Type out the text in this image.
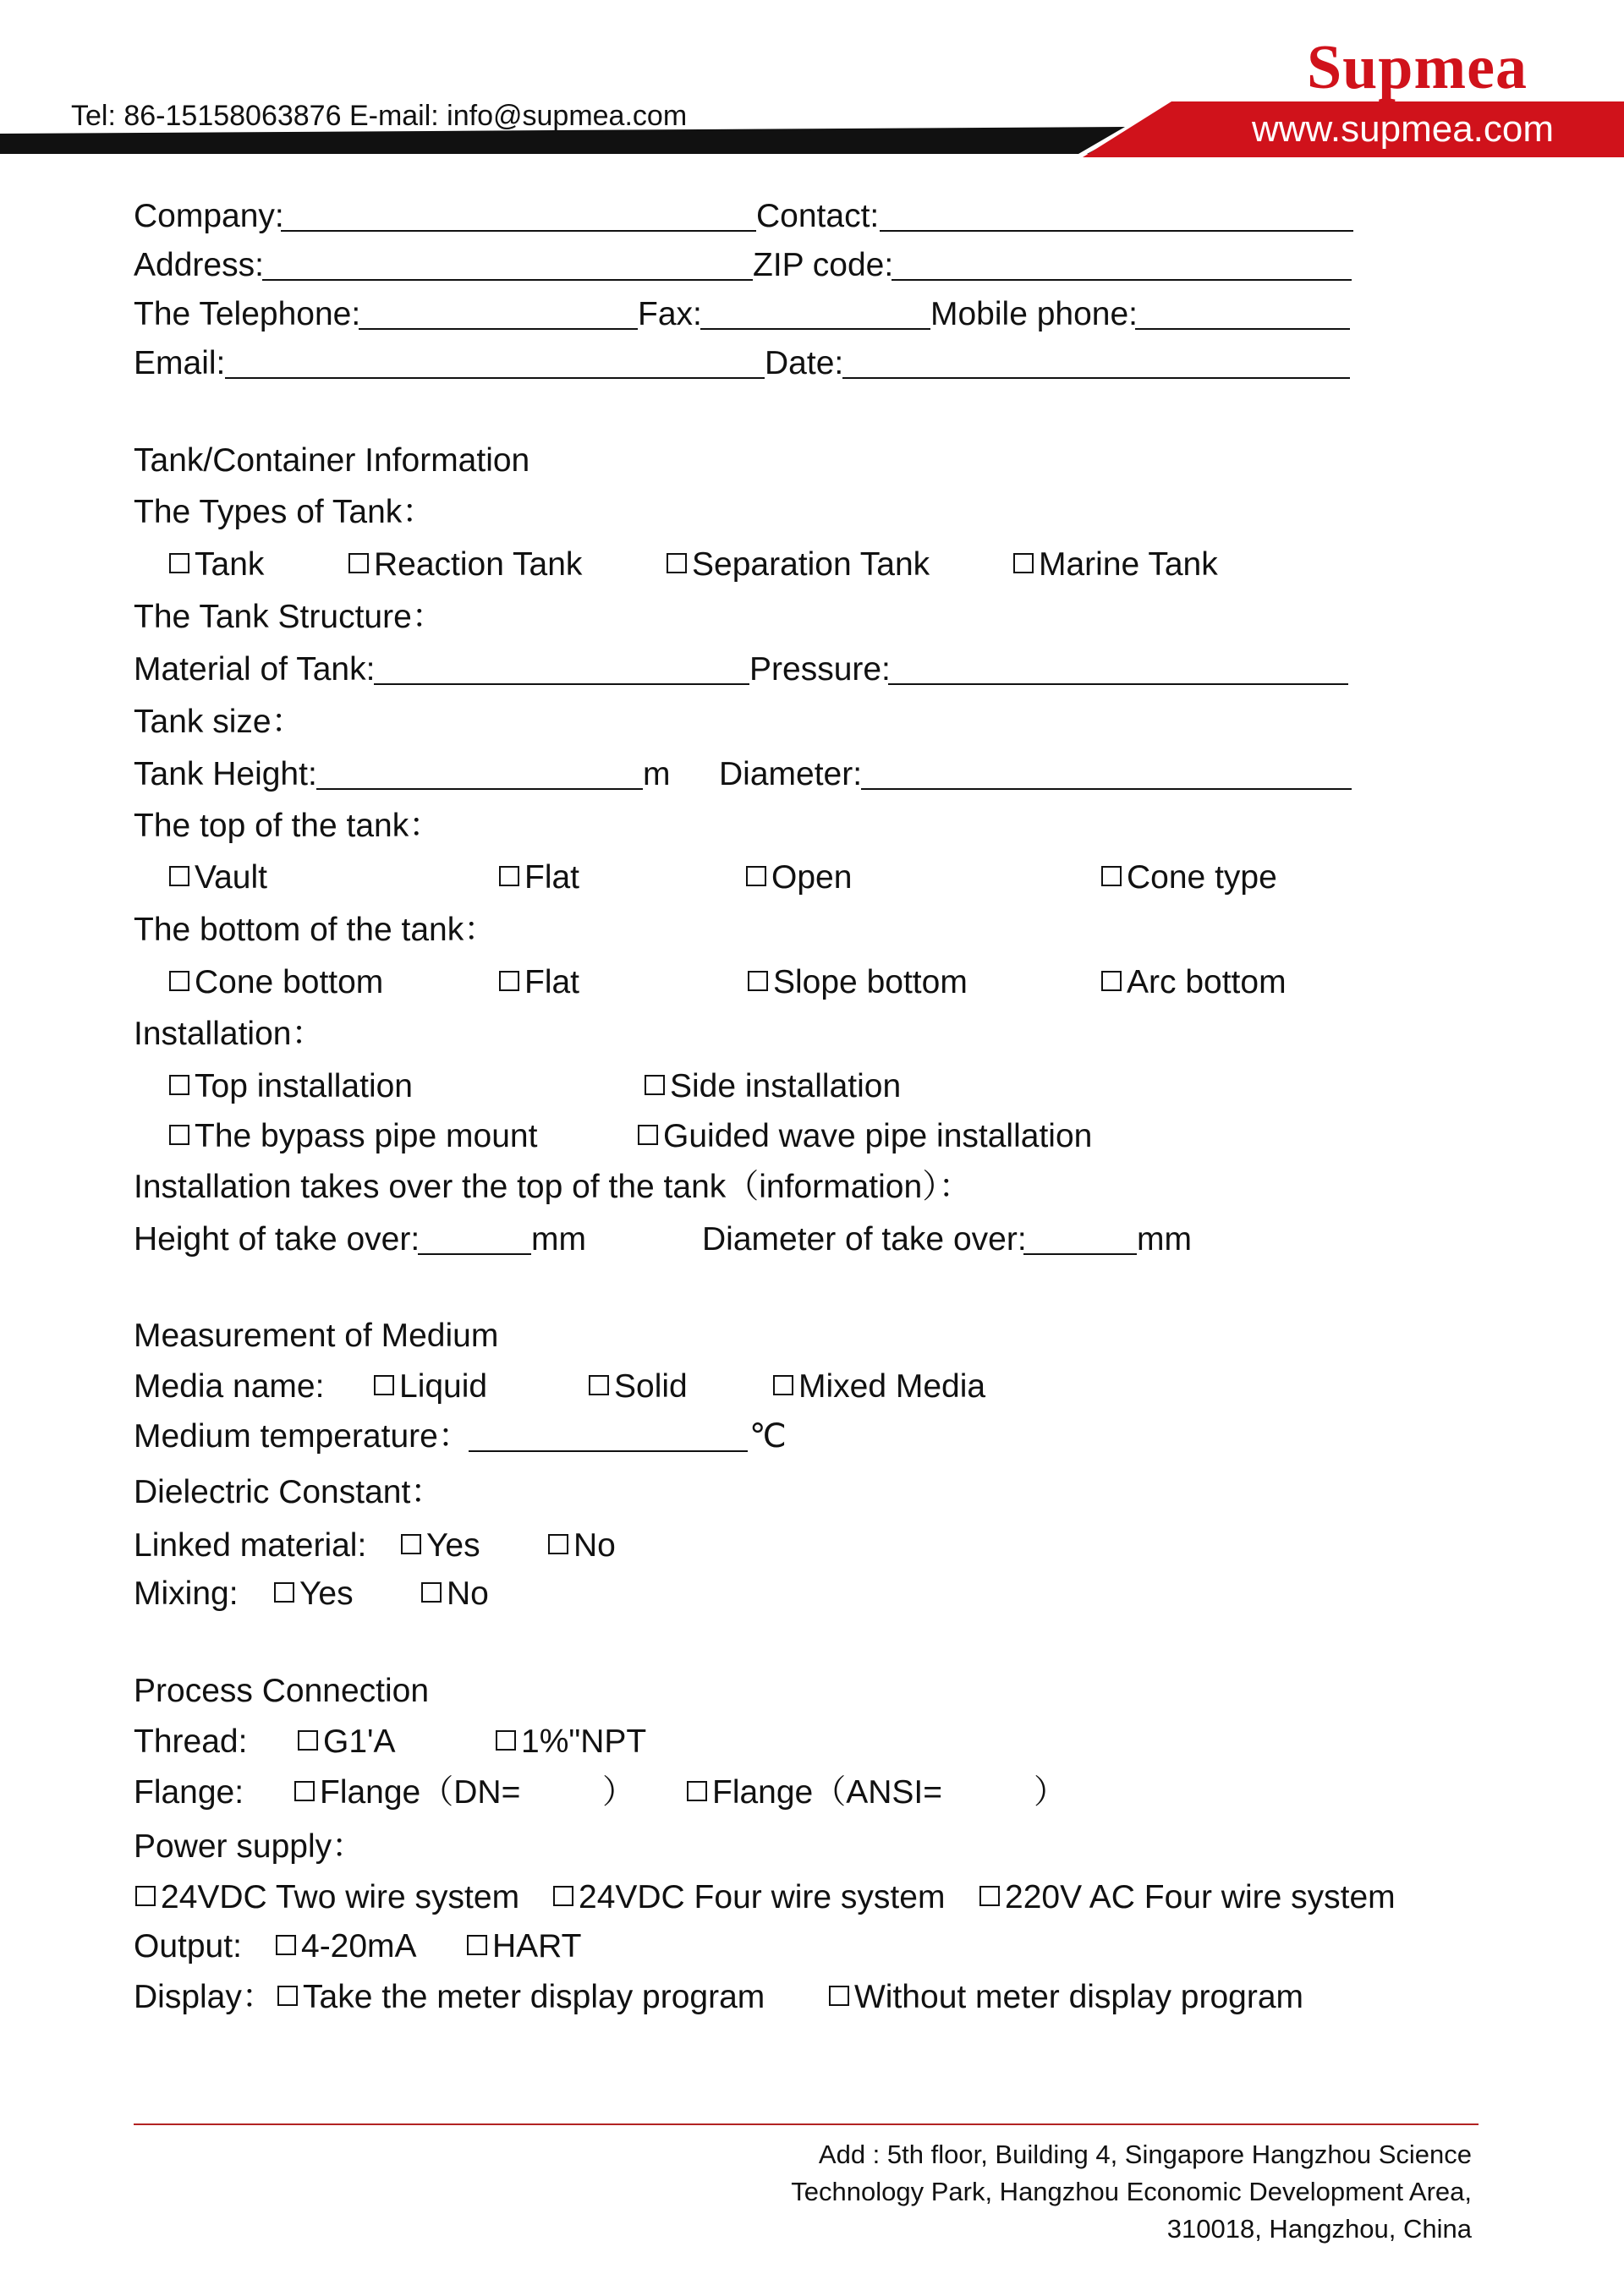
Supmea
Tel: 86-15158063876 E-mail: info@supmea.com	www.supmea.com
Company:	Contact:
Address:	ZIP code:
The Telephone:	Fax:	Mobile phone:
Email:	Date:
Tank/Container Information
The Types of Tank：
Tank	Reaction Tank	Separation Tank	Marine Tank
The Tank Structure：
Material of Tank:	Pressure:
Tank size：
Tank Height:	m Diameter:
The top of the tank：
Vault	Flat	Open	Cone type
The bottom of the tank：
Cone bottom	Flat	Slope bottom	Arc bottom
Installation：
Top installation	Side installation
The bypass pipe mount	Guided wave pipe installation
Installation takes over the top of the tank（information）：
Height of take over:	mm	Diameter of take over:	mm
Measurement of Medium
Media name: Liquid	Solid	Mixed Media
Medium temperature：	℃
Dielectric Constant：
Linked material: Yes	No
Mixing: Yes	No
Process Connection
Thread: G1'A	1%"NPT
Flange: Flange（DN= ） Flange（ANSI=	）
Power supply：
24VDC Two wire system 24VDC Four wire system 220V AC Four wire system
Output: 4-20mA HART
Display： Take the meter display program	Without meter display program
Add : 5th floor, Building 4, Singapore Hangzhou Science
Technology Park, Hangzhou Economic Development Area,
310018, Hangzhou, China
